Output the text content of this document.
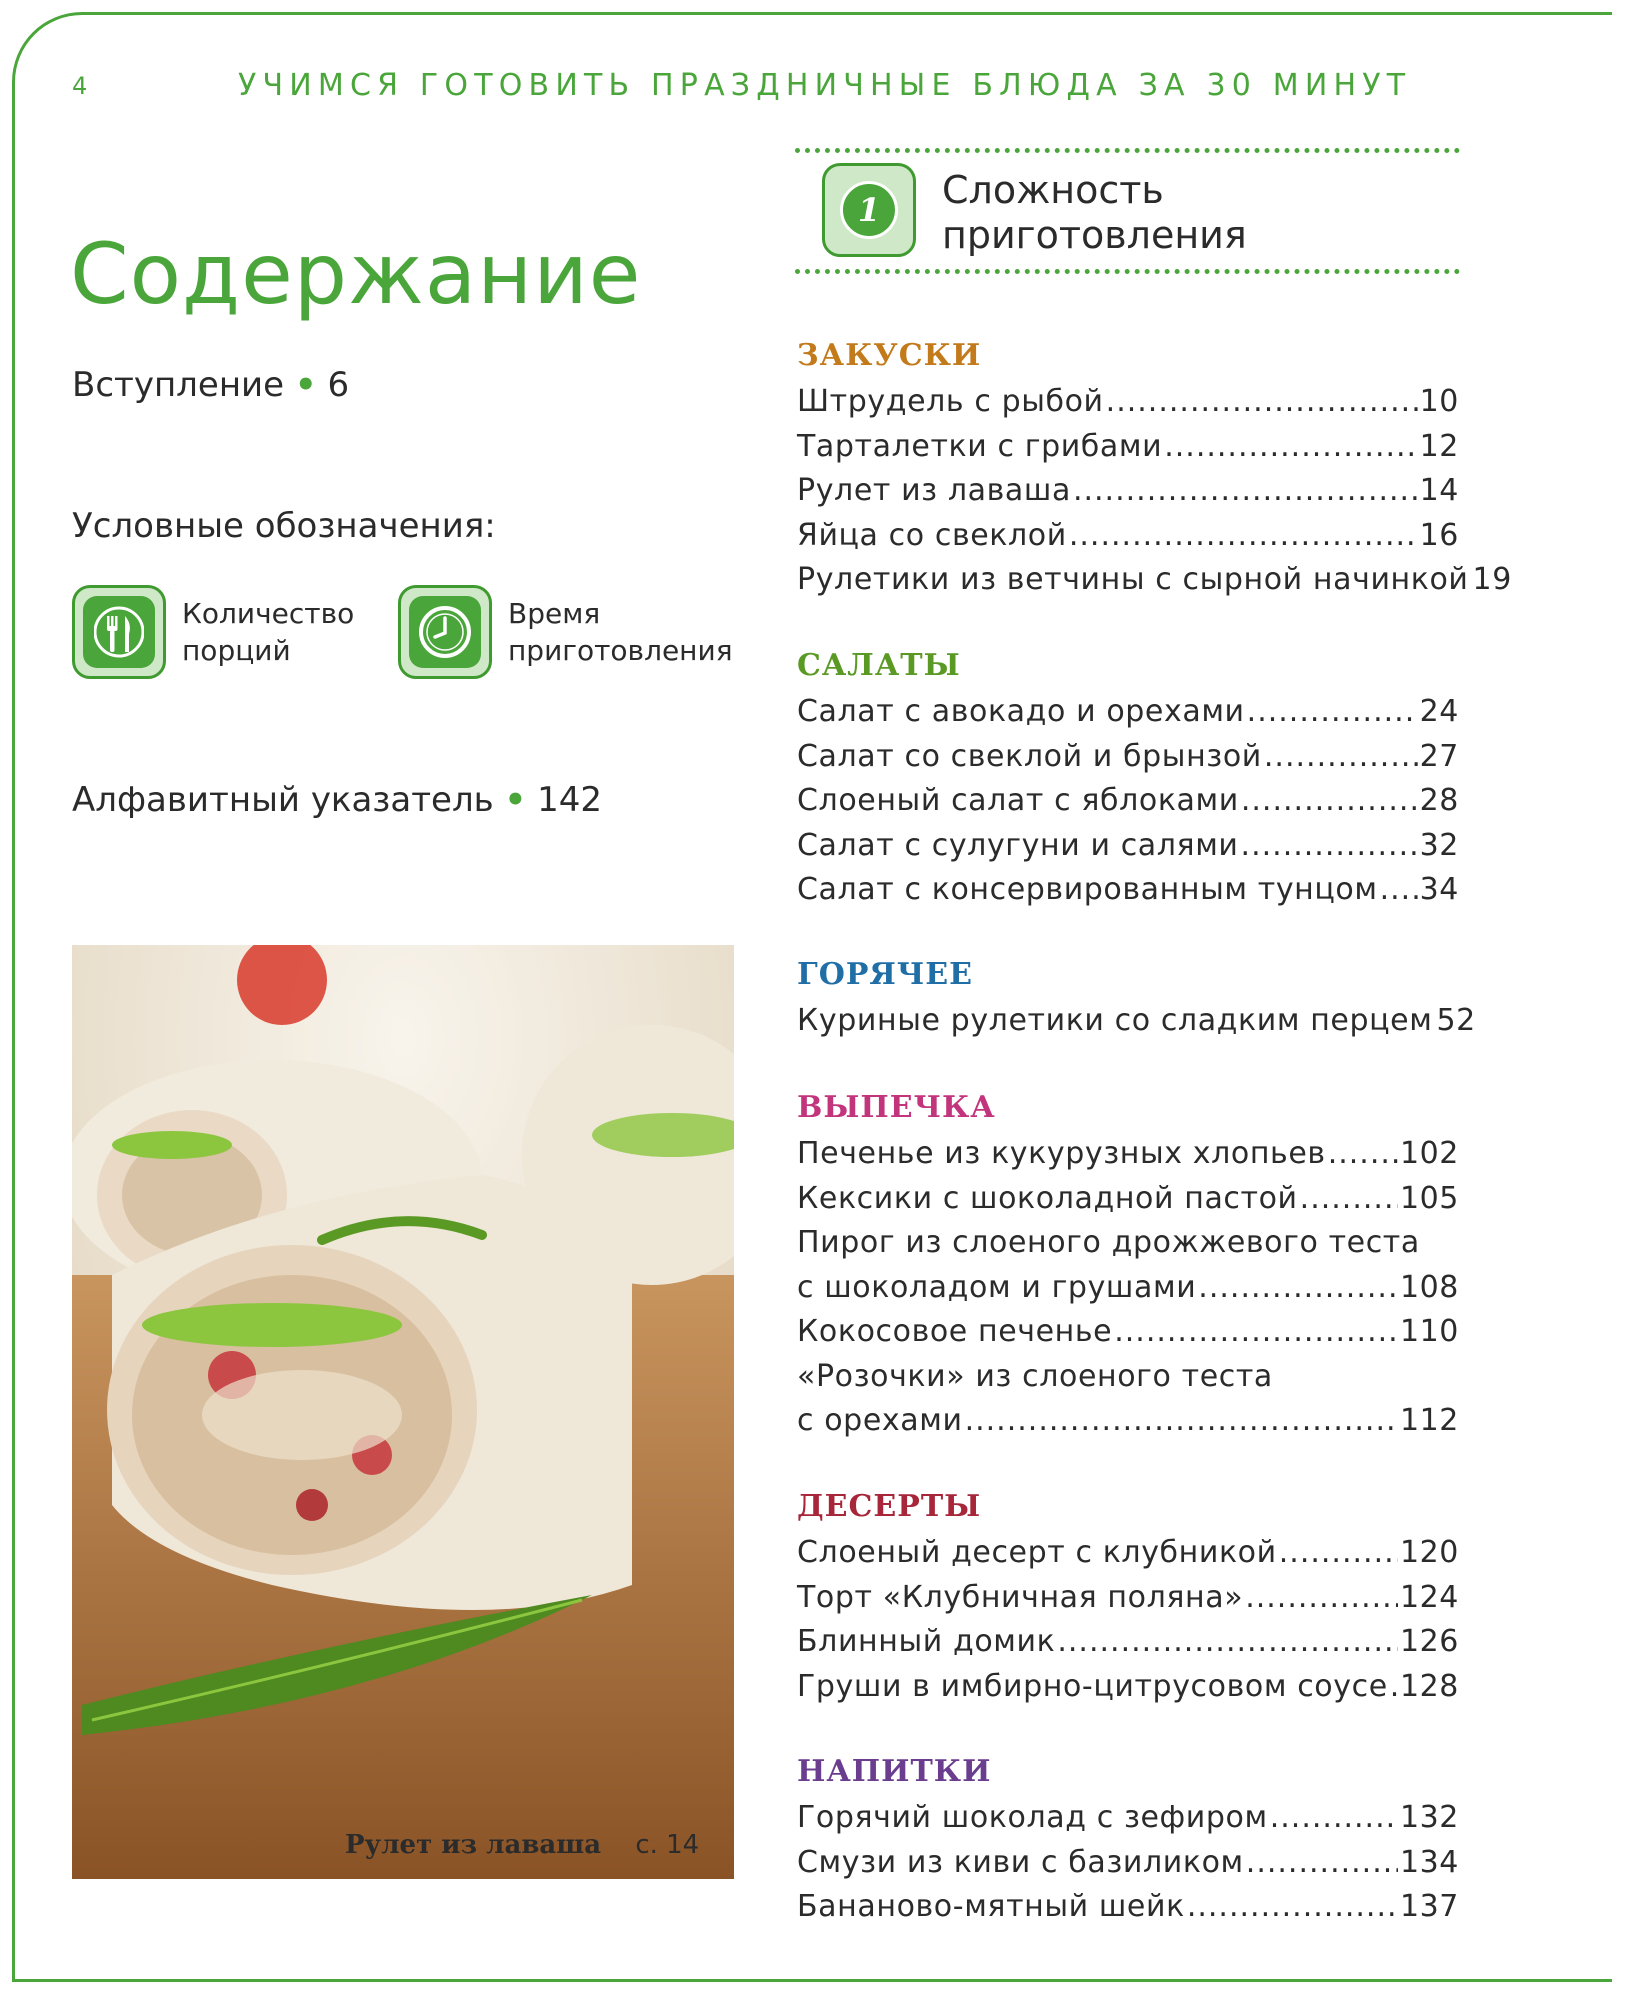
4	УЧИМСЯ ГОТОВИТЬ ПРАЗДНИЧНЫЕ БЛЮДА ЗА 30 МИНУТ
Содержание
Вступление • 6
Условные обозначения:
Количество
порций
Время
приготовления
Алфавитный указатель • 142
Рулет из лаваша с. 14
1	Сложность
приготовления
ЗАКУСКИ
Штрудель с рыбой .....	10
Тарталетки с грибами .....	12
Рулет из лаваша .....	14
Яйца со свеклой .....	16
Рулетики из ветчины с сырной начинкой 19
САЛАТЫ
Салат с авокадо и орехами .....	24
Салат со свеклой и брынзой .....	27
Слоеный салат с яблоками .....	28
Салат с сулугуни и салями .....	32
Салат с консервированным тунцом ..... 34
ГОРЯЧЕЕ
Куриные рулетики со сладким перцем 52
ВЫПЕЧКА
Печенье из кукурузных хлопьев ..... 102
Кексики с шоколадной пастой .....	105
Пирог из слоеного дрожжевого теста
с шоколадом и грушами .....	108
Кокосовое печенье .....	110
«Розочки» из слоеного теста
с орехами .....	112
ДЕСЕРТЫ
Слоеный десерт с клубникой .....	120
Торт «Клубничная поляна» .....	124
Блинный домик .....	126
Груши в имбирно-цитрусовом соусе ..... 128
НАПИТКИ
Горячий шоколад с зефиром .....	132
Смузи из киви с базиликом .....	134
Бананово-мятный шейк .....	137
